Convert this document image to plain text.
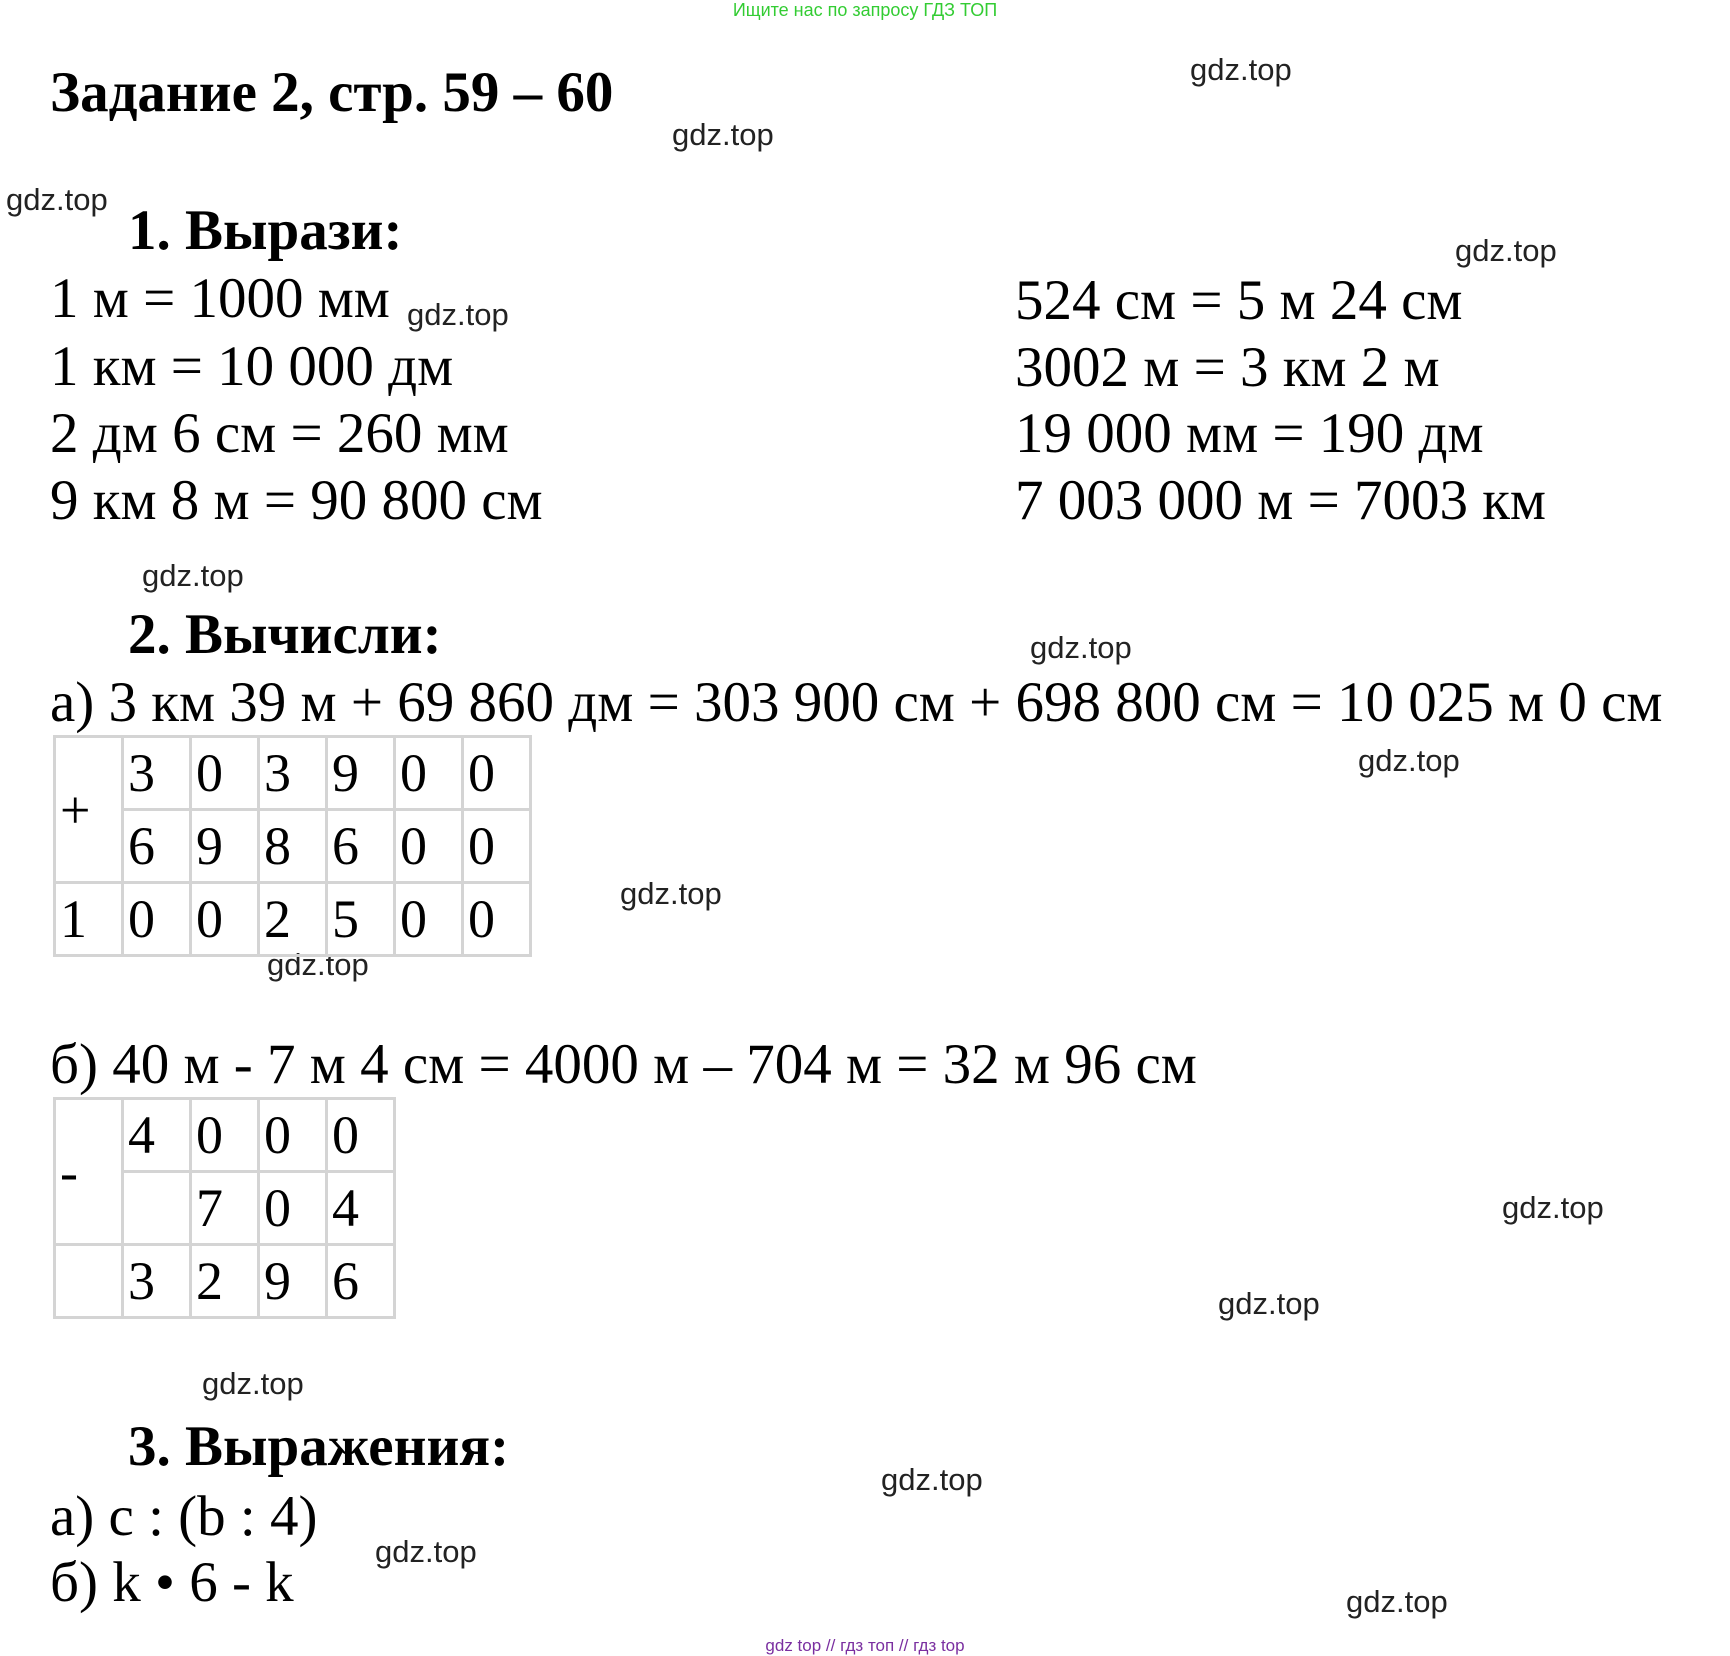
Ищите нас по запросу ГДЗ ТОП
Задание 2, стр. 59 – 60	gdz.top
gdz.top
gdz.top
gdz.top
gdz.top
gdz.top
gdz.top
gdz.top
gdz.top
gdz.top
gdz.top
gdz.top
gdz.top
gdz.top
gdz.top
gdz.top
1. Вырази:
1 м = 1000 мм
1 км = 10 000 дм
2 дм 6 см = 260 мм
9 км 8 м = 90 800 см
524 см = 5 м 24 см
3002 м = 3 км 2 м
19 000 мм = 190 дм
7 003 000 м = 7003 км
2. Вычисли:
а) 3 км 39 м + 69 860 дм = 303 900 см + 698 800 см = 10 025 м 0 см
+	3	0	3	9	0	0
	6	9	8	6	0	0
1	0	0	2	5	0	0
б) 40 м - 7 м 4 см = 4000 м – 704 м = 32 м 96 см
-	4	0	0	0
		7	0	4
	3	2	9	6
3. Выражения:
а) c : (b : 4)
б) k • 6 - k
gdz top // гдз топ // гдз top
